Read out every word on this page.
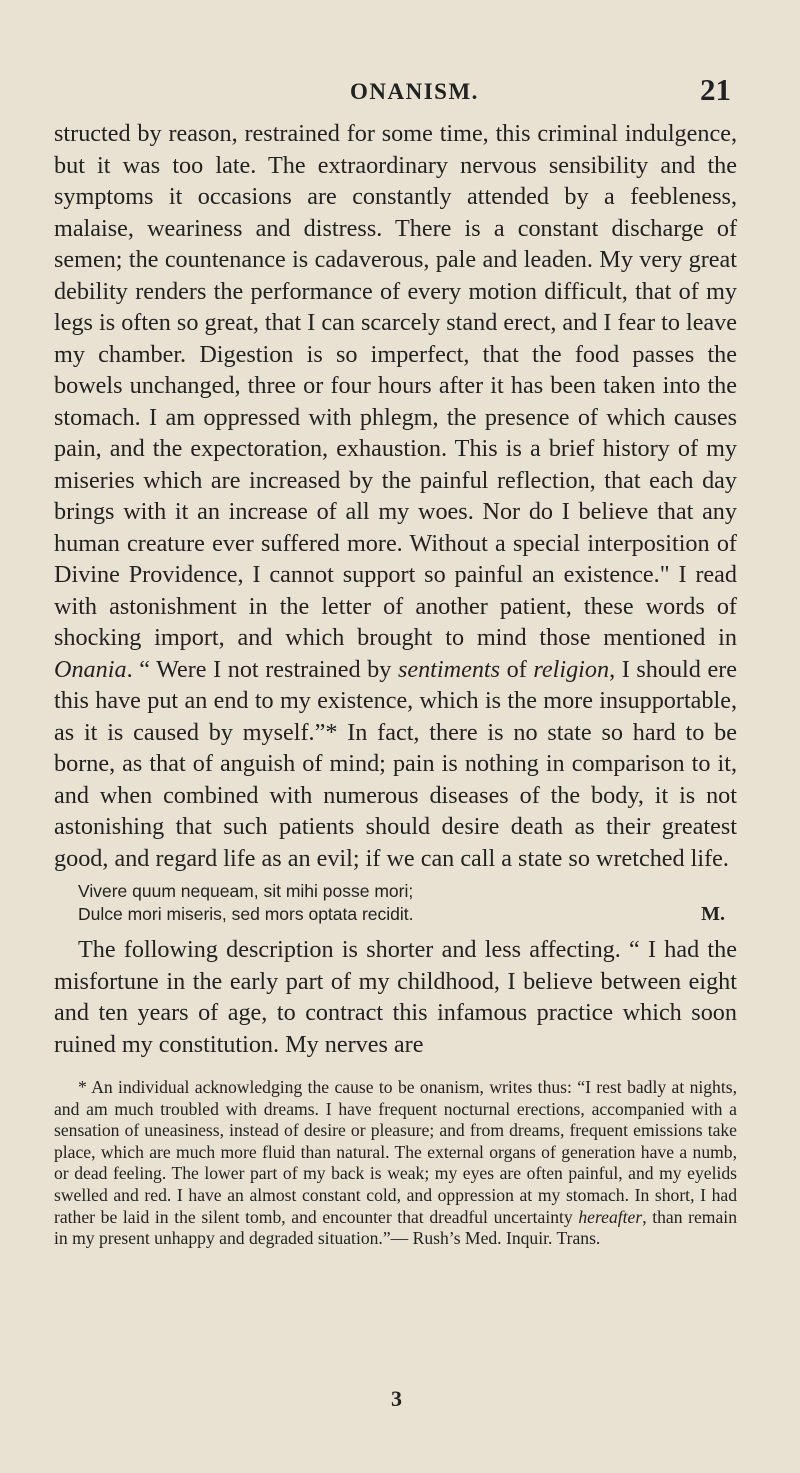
ONANISM.	21

structed by reason, restrained for some time, this criminal indulgence, but it was too late. The extraordinary nervous sensibility and the symptoms it occasions are constantly attended by a feebleness, malaise, weariness and distress. There is a constant discharge of semen; the countenance is cadaverous, pale and leaden. My very great debility renders the performance of every motion difficult, that of my legs is often so great, that I can scarcely stand erect, and I fear to leave my chamber. Digestion is so imperfect, that the food passes the bowels unchanged, three or four hours after it has been taken into the stomach. I am oppressed with phlegm, the presence of which causes pain, and the expectoration, exhaustion. This is a brief history of my miseries which are increased by the painful reflection, that each day brings with it an increase of all my woes. Nor do I believe that any human creature ever suffered more. Without a special interposition of Divine Providence, I cannot support so painful an existence." I read with astonishment in the letter of another patient, these words of shocking import, and which brought to mind those mentioned in Onania. “ Were I not restrained by sentiments of religion, I should ere this have put an end to my existence, which is the more insupportable, as it is caused by myself.”* In fact, there is no state so hard to be borne, as that of anguish of mind; pain is nothing in comparison to it, and when combined with numerous diseases of the body, it is not astonishing that such patients should desire death as their greatest good, and regard life as an evil; if we can call a state so wretched life.

Vivere quum nequeam, sit mihi posse mori;
Dulce mori miseris, sed mors optata recidit.	M.

The following description is shorter and less affecting. “ I had the misfortune in the early part of my childhood, I believe between eight and ten years of age, to contract this infamous practice which soon ruined my constitution. My nerves are

* An individual acknowledging the cause to be onanism, writes thus: “I rest badly at nights, and am much troubled with dreams. I have frequent nocturnal erections, accompanied with a sensation of uneasiness, instead of desire or pleasure; and from dreams, frequent emissions take place, which are much more fluid than natural. The external organs of generation have a numb, or dead feeling. The lower part of my back is weak; my eyes are often painful, and my eyelids swelled and red. I have an almost constant cold, and oppression at my stomach. In short, I had rather be laid in the silent tomb, and encounter that dreadful uncertainty hereafter, than remain in my present unhappy and degraded situation.”— Rush’s Med. Inquir. Trans.

3
